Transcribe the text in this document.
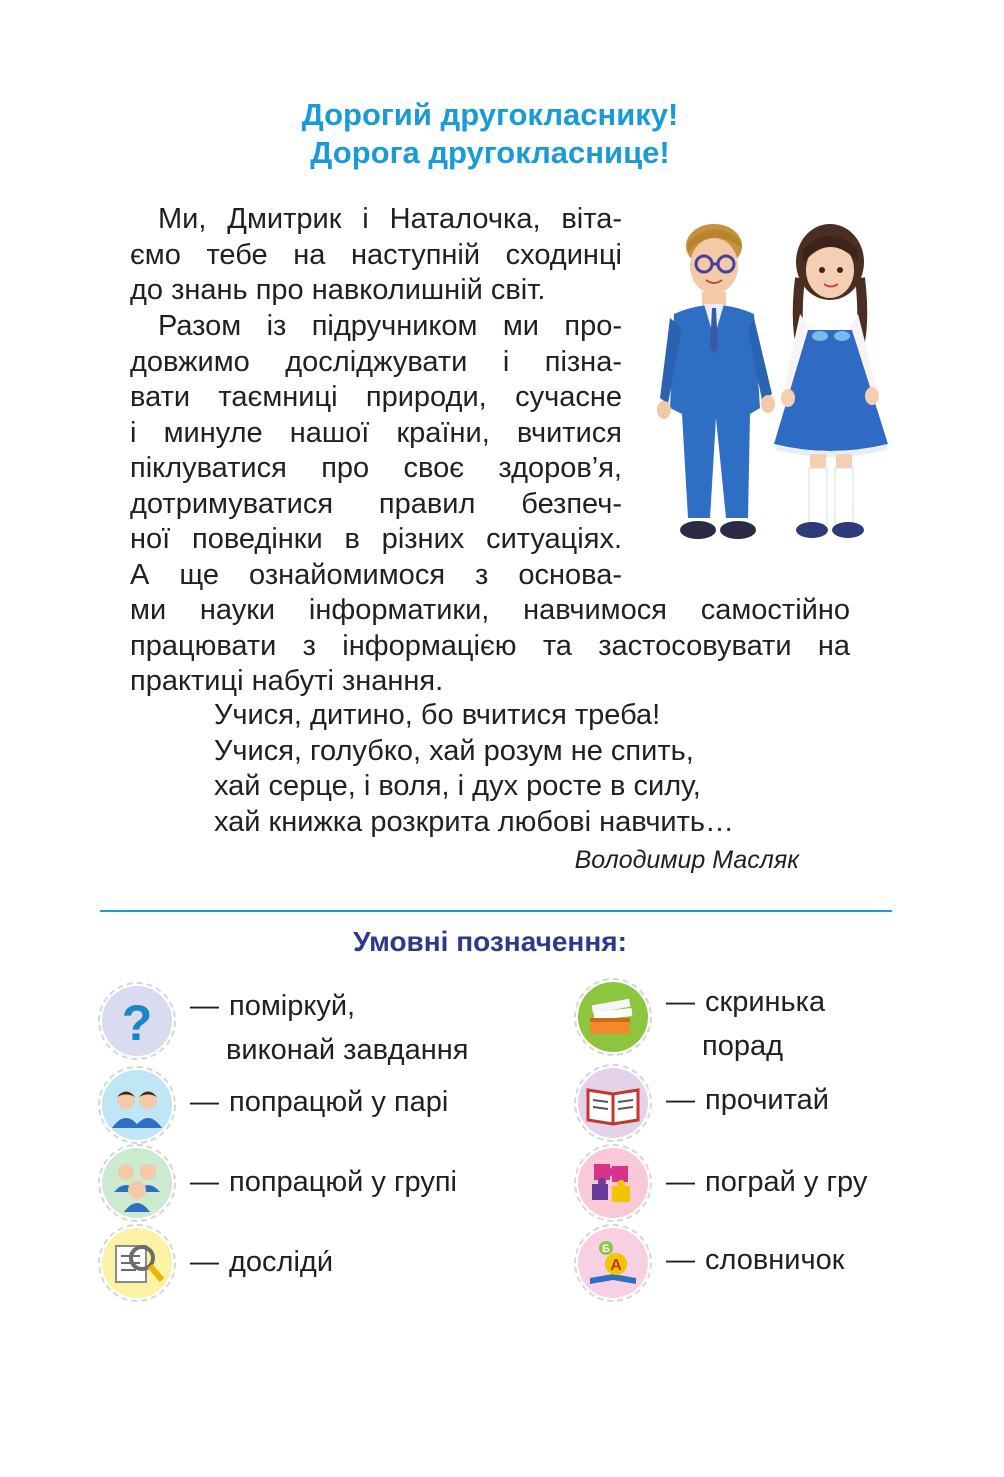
Дорогий другокласнику!
Дорога другокласнице!
Ми, Дмитрик і Наталочка, віта-
ємо тебе на наступній сходинці
до знань про навколишній світ.
Разом із підручником ми про-
довжимо досліджувати і пізна-
вати таємниці природи, сучасне
і минуле нашої країни, вчитися
піклуватися про своє здоров’я,
дотримуватися правил безпеч-
ної поведінки в різних ситуаціях.
А ще ознайомимося з основа-
ми науки інформатики, навчимося самостійно
працювати з інформацією та застосовувати на
практиці набуті знання.
Учися, дитино, бо вчитися треба!
Учися, голубко, хай розум не спить,
хай серце, і воля, і дух росте в силу,
хай книжка розкрита любові навчить…
Володимир Масляк
Умовні позначення:
? — поміркуй,
виконай завдання
— попрацюй у парі
— попрацюй у групі
— досліди́
— скринька
порад
— прочитай
— пограй у гру
Б
А — словничок
